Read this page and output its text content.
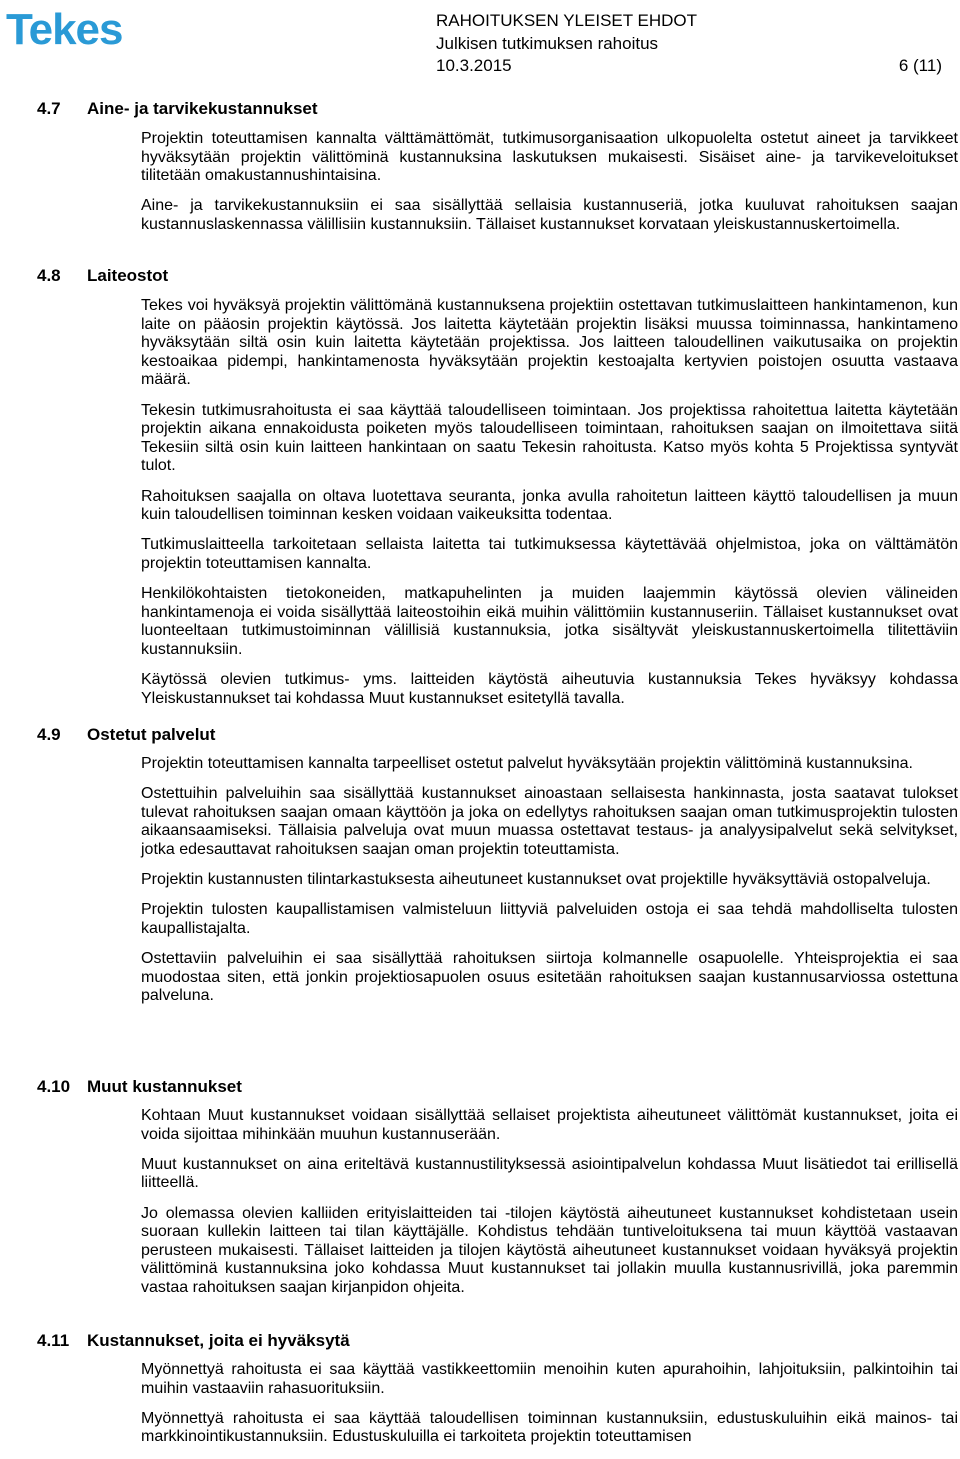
Tekes	RAHOITUKSEN YLEISET EHDOT
Julkisen tutkimuksen rahoitus
10.3.2015	6 (11)
4.7 Aine- ja tarvikekustannukset
4.8 Laiteostot
4.9 Ostetut palvelut
4.10 Muut kustannukset
4.11 Kustannukset, joita ei hyväksytä

Projektin toteuttamisen kannalta välttämättömät, tutkimusorganisaation ulkopuolelta ostetut aineet ja tarvikkeet hyväksytään projektin välittöminä kustannuksina laskutuksen mukaisesti. Sisäiset aine- ja tarvikeveloitukset tilitetään omakustannushintaisina.

Aine- ja tarvikekustannuksiin ei saa sisällyttää sellaisia kustannuseriä, jotka kuuluvat rahoituksen saajan kustannuslaskennassa välillisiin kustannuksiin. Tällaiset kustannukset korvataan yleiskustannuskertoimella.

Tekes voi hyväksyä projektin välittömänä kustannuksena projektiin ostettavan tutkimuslaitteen hankintamenon, kun laite on pääosin projektin käytössä. Jos laitetta käytetään projektin lisäksi muussa toiminnassa, hankintameno hyväksytään siltä osin kuin laitetta käytetään projektissa. Jos laitteen taloudellinen vaikutusaika on projektin kestoaikaa pidempi, hankintamenosta hyväksytään projektin kestoajalta kertyvien poistojen osuutta vastaava määrä.

Tekesin tutkimusrahoitusta ei saa käyttää taloudelliseen toimintaan. Jos projektissa rahoitettua laitetta käytetään projektin aikana ennakoidusta poiketen myös taloudelliseen toimintaan, rahoituksen saajan on ilmoitettava siitä Tekesiin siltä osin kuin laitteen hankintaan on saatu Tekesin rahoitusta. Katso myös kohta 5 Projektissa syntyvät tulot.

Rahoituksen saajalla on oltava luotettava seuranta, jonka avulla rahoitetun laitteen käyttö taloudellisen ja muun kuin taloudellisen toiminnan kesken voidaan vaikeuksitta todentaa.

Tutkimuslaitteella tarkoitetaan sellaista laitetta tai tutkimuksessa käytettävää ohjelmistoa, joka on välttämätön projektin toteuttamisen kannalta.

Henkilökohtaisten tietokoneiden, matkapuhelinten ja muiden laajemmin käytössä olevien välineiden hankintamenoja ei voida sisällyttää laiteostoihin eikä muihin välittömiin kustannuseriin. Tällaiset kustannukset ovat luonteeltaan tutkimustoiminnan välillisiä kustannuksia, jotka sisältyvät yleiskustannuskertoimella tilitettäviin kustannuksiin.

Käytössä olevien tutkimus- yms. laitteiden käytöstä aiheutuvia kustannuksia Tekes hyväksyy kohdassa Yleiskustannukset tai kohdassa Muut kustannukset esitetyllä tavalla.

Projektin toteuttamisen kannalta tarpeelliset ostetut palvelut hyväksytään projektin välittöminä kustannuksina.

Ostettuihin palveluihin saa sisällyttää kustannukset ainoastaan sellaisesta hankinnasta, josta saatavat tulokset tulevat rahoituksen saajan omaan käyttöön ja joka on edellytys rahoituksen saajan oman tutkimusprojektin tulosten aikaansaamiseksi. Tällaisia palveluja ovat muun muassa ostettavat testaus- ja analyysipalvelut sekä selvitykset, jotka edesauttavat rahoituksen saajan oman projektin toteuttamista.

Projektin kustannusten tilintarkastuksesta aiheutuneet kustannukset ovat projektille hyväksyttäviä ostopalveluja.

Projektin tulosten kaupallistamisen valmisteluun liittyviä palveluiden ostoja ei saa tehdä mahdolliselta tulosten kaupallistajalta.

Ostettaviin palveluihin ei saa sisällyttää rahoituksen siirtoja kolmannelle osapuolelle. Yhteisprojektia ei saa muodostaa siten, että jonkin projektiosapuolen osuus esitetään rahoituksen saajan kustannusarviossa ostettuna palveluna.

Kohtaan Muut kustannukset voidaan sisällyttää sellaiset projektista aiheutuneet välittömät kustannukset, joita ei voida sijoittaa mihinkään muuhun kustannuserään.

Muut kustannukset on aina eriteltävä kustannustilityksessä asiointipalvelun kohdassa Muut lisätiedot tai erillisellä liitteellä.

Jo olemassa olevien kalliiden erityislaitteiden tai -tilojen käytöstä aiheutuneet kustannukset kohdistetaan usein suoraan kullekin laitteen tai tilan käyttäjälle. Kohdistus tehdään tuntiveloituksena tai muun käyttöä vastaavan perusteen mukaisesti. Tällaiset laitteiden ja tilojen käytöstä aiheutuneet kustannukset voidaan hyväksyä projektin välittöminä kustannuksina joko kohdassa Muut kustannukset tai jollakin muulla kustannusrivillä, joka paremmin vastaa rahoituksen saajan kirjanpidon ohjeita.

Myönnettyä rahoitusta ei saa käyttää vastikkeettomiin menoihin kuten apurahoihin, lahjoituksiin, palkintoihin tai muihin vastaaviin rahasuorituksiin.

Myönnettyä rahoitusta ei saa käyttää taloudellisen toiminnan kustannuksiin, edustuskuluihin eikä mainos- tai markkinointikustannuksiin. Edustuskuluilla ei tarkoiteta projektin toteuttamisen
